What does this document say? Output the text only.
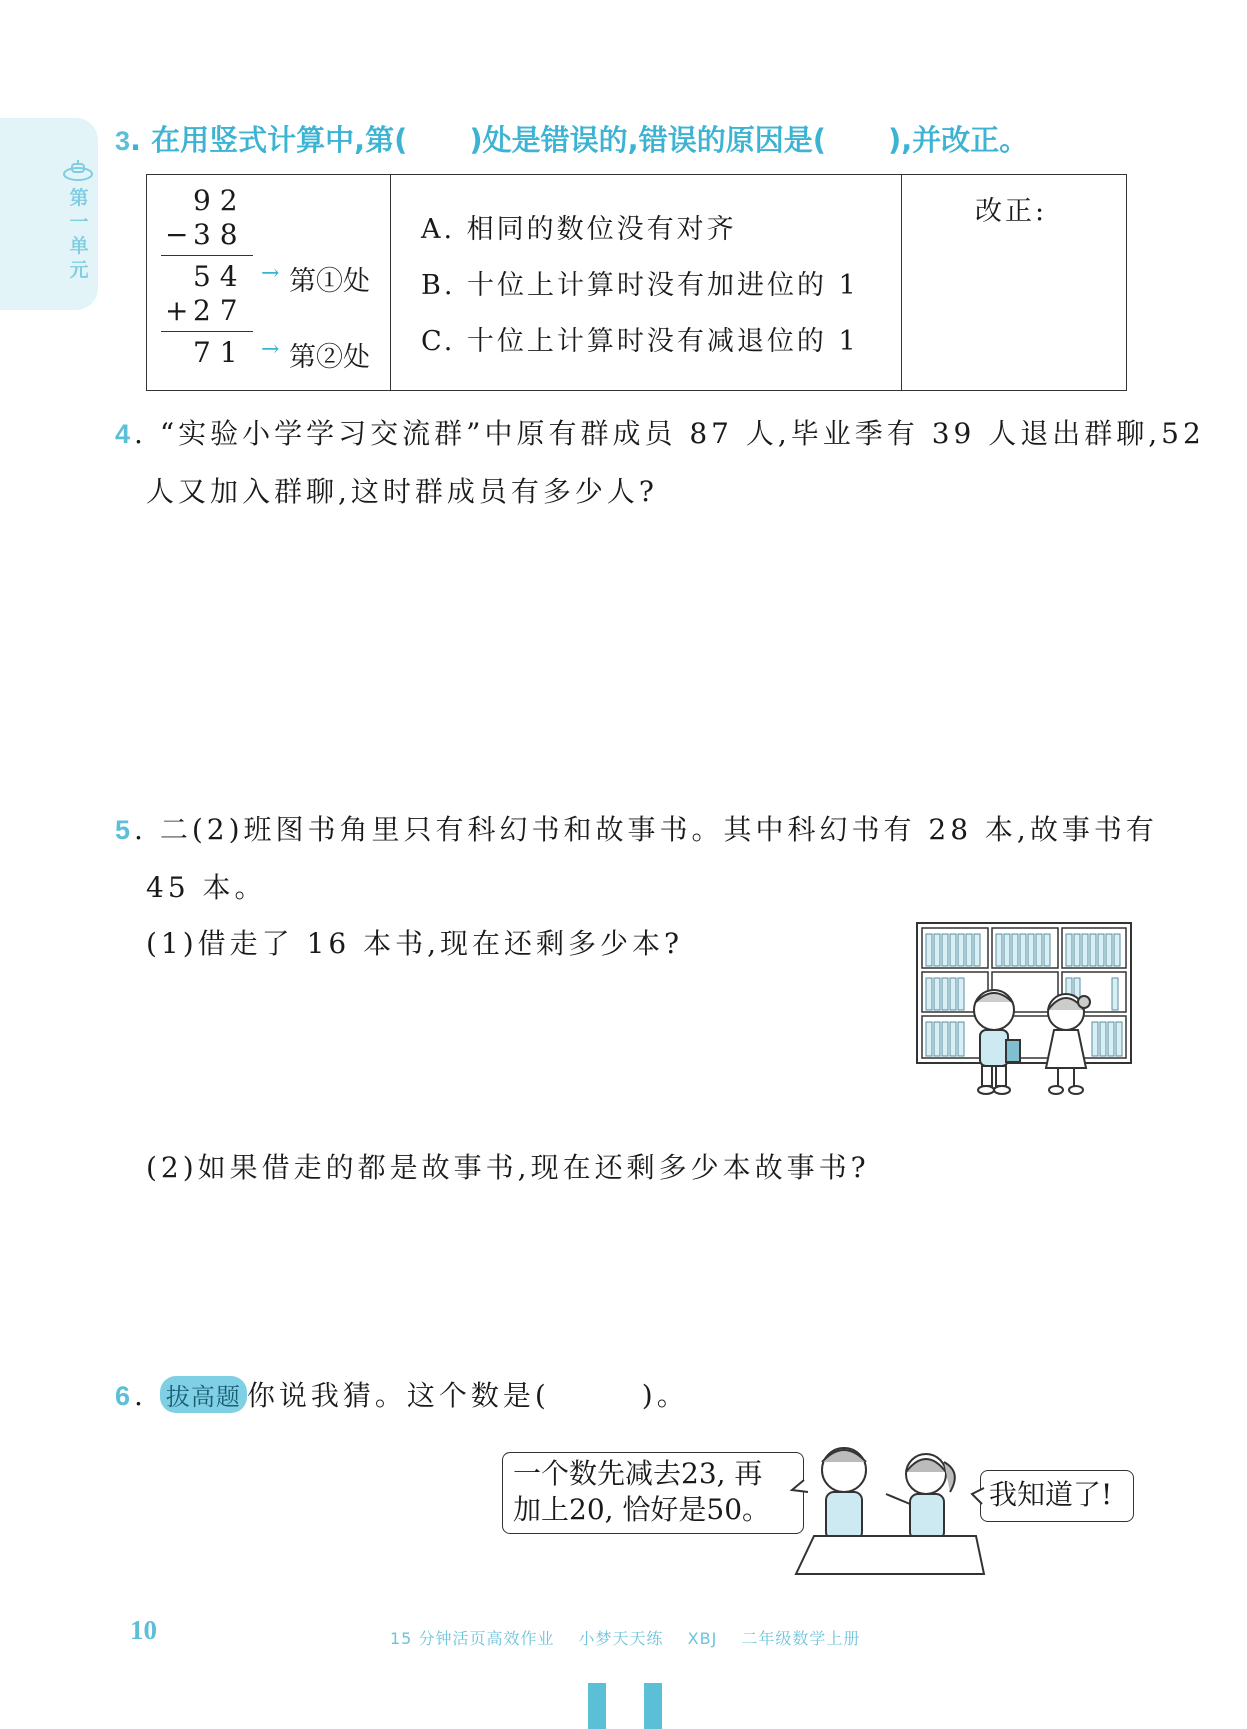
第一单元
3. 在用竖式计算中,第( )处是错误的,错误的原因是( ),并改正。
9 2
− 3 8
5 4 → 第①处
+ 2 7
7 1 → 第②处
A. 相同的数位没有对齐
B. 十位上计算时没有加进位的 1
C. 十位上计算时没有减退位的 1
改正:
4. “实验小学学习交流群”中原有群成员 87 人,毕业季有 39 人退出群聊,52
人又加入群聊,这时群成员有多少人?
5. 二(2)班图书角里只有科幻书和故事书。其中科幻书有 28 本,故事书有
45 本。
(1)借走了 16 本书,现在还剩多少本?
(2)如果借走的都是故事书,现在还剩多少本故事书?
6. 拔高题 你说我猜。这个数是(	)。
一个数先减去23, 再
加上20, 恰好是50。	我知道了!
10	15 分钟活页高效作业 小梦天天练 XBJ 二年级数学上册
